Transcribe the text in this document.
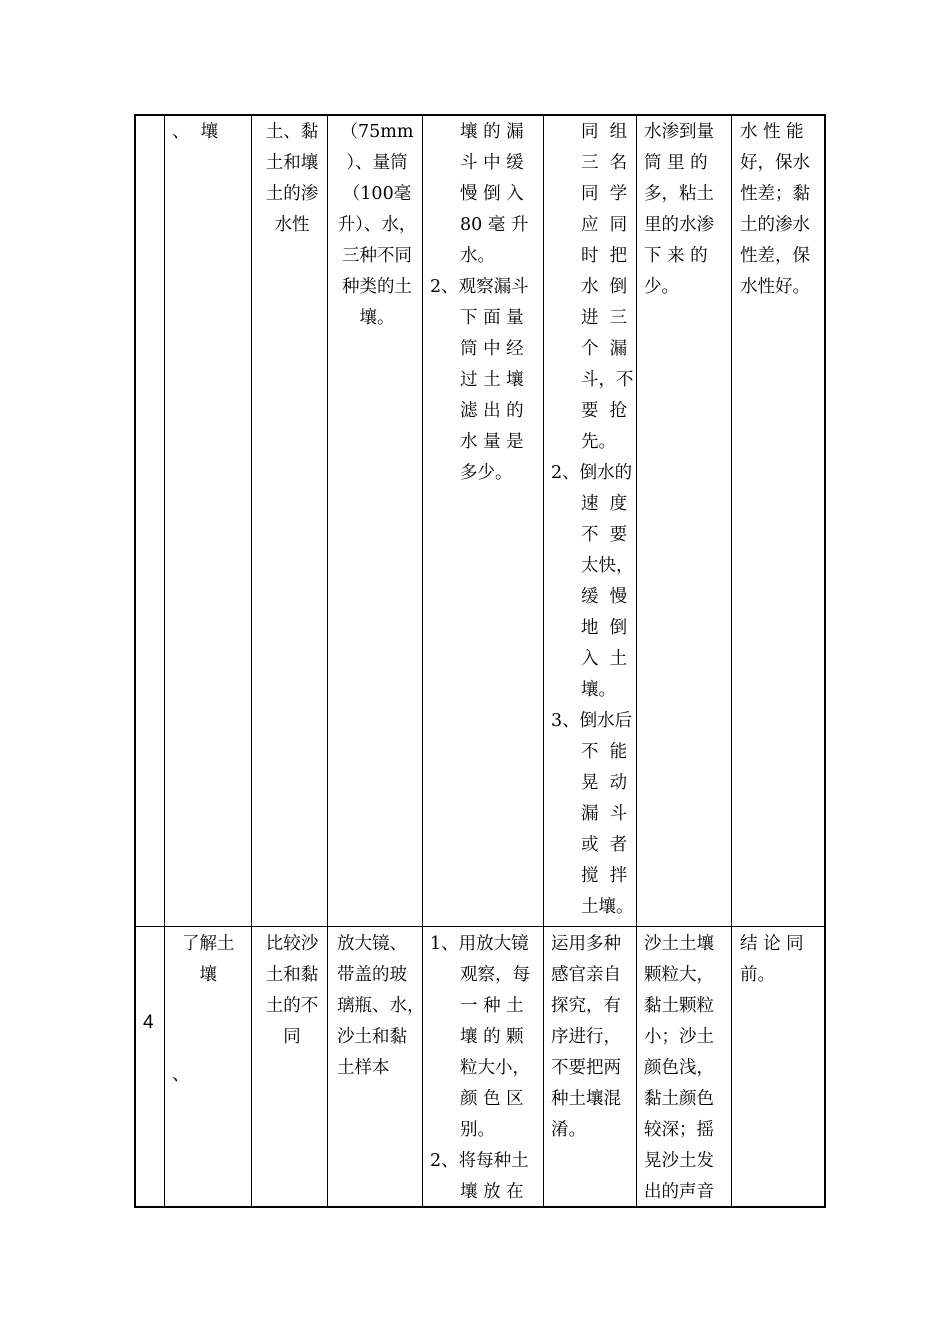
、  壤	土、黏

土和壤

土的渗

水性

（75mm

）、量筒

（100毫

升）、水，

三种不同

种类的土

壤。

壤 的 漏

斗 中 缓

慢 倒 入

80 毫 升

水。

2、观察漏斗

下 面 量

筒 中 经

过 土 壤

滤 出 的

水 量 是

多少。

同  组

三  名

同  学

应  同

时  把

水  倒

进  三

个  漏

斗，不

要  抢

先。

2、倒水的

速  度

不  要

太快，

缓  慢

地  倒

入  土

壤。

3、倒水后

不  能

晃  动

漏  斗

或  者

搅  拌

土壤。

水渗到量

筒 里 的

多，粘土

里的水渗

下 来 的

少。

水 性 能

好，保水

性差；黏

土的渗水

性差，保

水性好。

4

了解土

壤

、

比较沙

土和黏

土的不

同

放大镜、

带盖的玻

璃瓶、水，

沙土和黏

土样本

1、用放大镜

观察，每

一 种 土

壤 的 颗

粒大小，

颜 色 区

别。

2、将每种土

壤 放 在

运用多种

感官亲自

探究，有

序进行，

不要把两

种土壤混

淆。

沙土土壤

颗粒大，

黏土颗粒

小；沙土

颜色浅，

黏土颜色

较深；摇

晃沙土发

出的声音

结 论 同

前。
